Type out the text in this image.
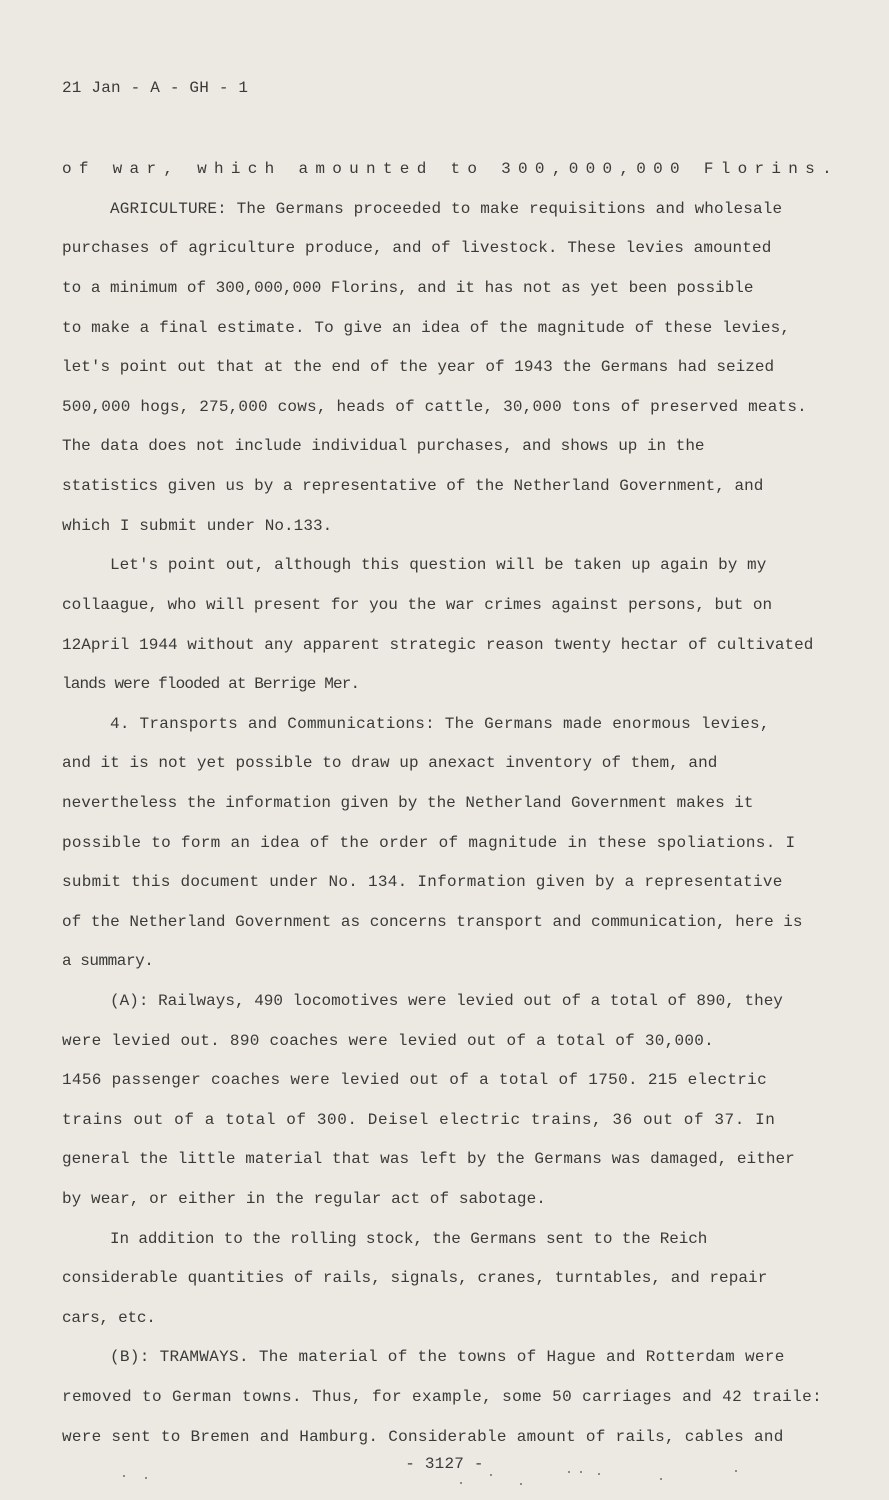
21 Jan - A - GH - 1
of war, which amounted to 300,000,000 Florins.
AGRICULTURE: The Germans proceeded to make requisitions and wholesale
purchases of agriculture produce, and of livestock. These levies amounted
to a minimum of 300,000,000 Florins, and it has not as yet been possible
to make a final estimate. To give an idea of the magnitude of these levies,
let's point out that at the end of the year of 1943 the Germans had seized
500,000 hogs, 275,000 cows, heads of cattle, 30,000 tons of preserved meats.
The data does not include individual purchases, and shows up in the
statistics given us by a representative of the Netherland Government, and
which I submit under No.133.
Let's point out, although this question will be taken up again by my
collaague, who will present for you the war crimes against persons, but on
12April 1944 without any apparent strategic reason twenty hectar of cultivated
lands were flooded at Berrige Mer.
4. Transports and Communications: The Germans made enormous levies,
and it is not yet possible to draw up anexact inventory of them, and
nevertheless the information given by the Netherland Government makes it
possible to form an idea of the order of magnitude in these spoliations. I
submit this document under No. 134. Information given by a representative
of the Netherland Government as concerns transport and communication, here is
a summary.
(A): Railways, 490 locomotives were levied out of a total of 890, they
were levied out. 890 coaches were levied out of a total of 30,000.
1456 passenger coaches were levied out of a total of 1750. 215 electric
trains out of a total of 300. Deisel electric trains, 36 out of 37. In
general the little material that was left by the Germans was damaged, either
by wear, or either in the regular act of sabotage.
In addition to the rolling stock, the Germans sent to the Reich
considerable quantities of rails, signals, cranes, turntables, and repair
cars, etc.
(B): TRAMWAYS. The material of the towns of Hague and Rotterdam were
removed to German towns. Thus, for example, some 50 carriages and 42 traile:
were sent to Bremen and Hamburg. Considerable amount of rails, cables and
- 3127 -
